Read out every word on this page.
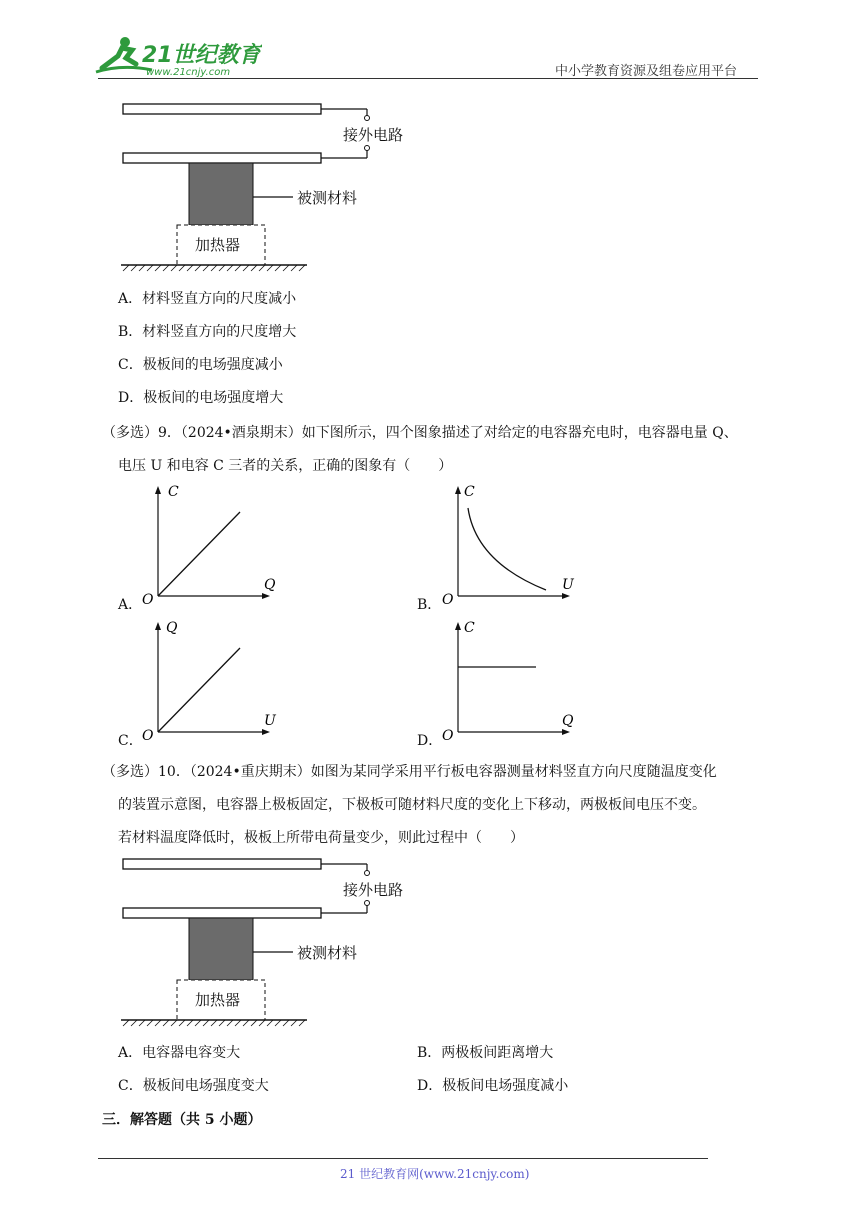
21世纪教育
www.21cnjy.com	中小学教育资源及组卷应用平台
接外电路
被测材料
加热器
A．材料竖直方向的尺度减小
B．材料竖直方向的尺度增大
C．极板间的电场强度减小
D．极板间的电场强度增大
（多选）9．（2024•酒泉期末）如下图所示，四个图象描述了对给定的电容器充电时，电容器电量 Q、
电压 U 和电容 C 三者的关系，正确的图象有（　　）
A．
C
Q
O	B．
C
U
O
C．
Q
U
O	D．
C
Q
O
（多选）10．（2024•重庆期末）如图为某同学采用平行板电容器测量材料竖直方向尺度随温度变化
的装置示意图，电容器上极板固定，下极板可随材料尺度的变化上下移动，两极板间电压不变。
若材料温度降低时，极板上所带电荷量变少，则此过程中（　　）
接外电路
被测材料
加热器
A．电容器电容变大	B．两极板间距离增大
C．极板间电场强度变大	D．极板间电场强度减小
三．解答题（共 5 小题）
21 世纪教育网(www.21cnjy.com)
